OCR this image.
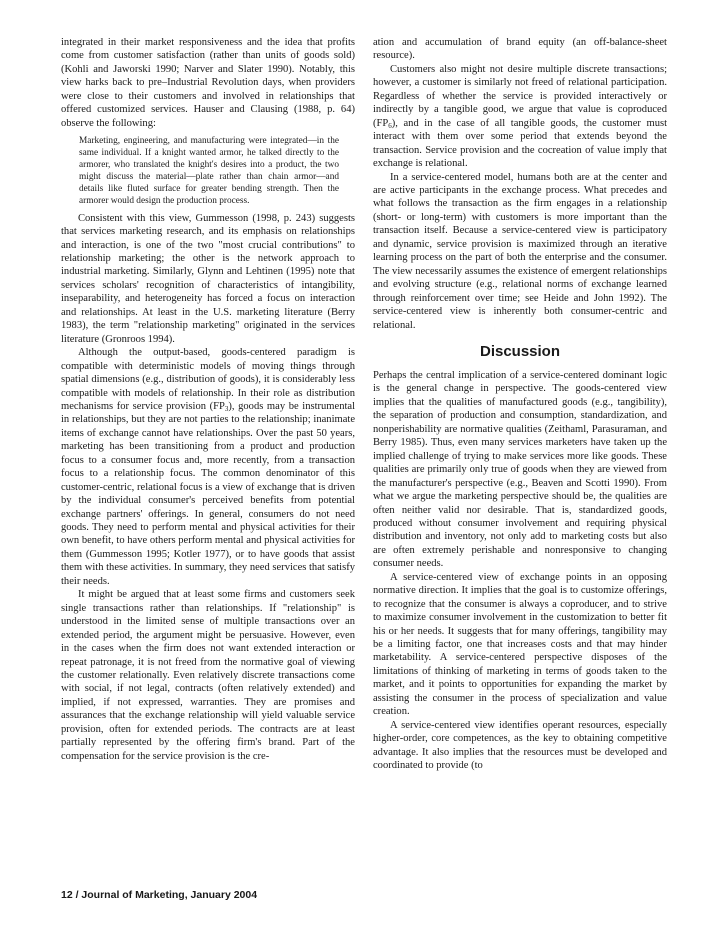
integrated in their market responsiveness and the idea that profits come from customer satisfaction (rather than units of goods sold) (Kohli and Jaworski 1990; Narver and Slater 1990). Notably, this view harks back to pre–Industrial Revolution days, when providers were close to their customers and involved in relationships that offered customized services. Hauser and Clausing (1988, p. 64) observe the following:

Marketing, engineering, and manufacturing were integrated—in the same individual. If a knight wanted armor, he talked directly to the armorer, who translated the knight's desires into a product, the two might discuss the material—plate rather than chain armor—and details like fluted surface for greater bending strength. Then the armorer would design the production process.

Consistent with this view, Gummesson (1998, p. 243) suggests that services marketing research, and its emphasis on relationships and interaction, is one of the two "most crucial contributions" to relationship marketing; the other is the network approach to industrial marketing. Similarly, Glynn and Lehtinen (1995) note that services scholars' recognition of characteristics of intangibility, inseparability, and heterogeneity has forced a focus on interaction and relationships. At least in the U.S. marketing literature (Berry 1983), the term "relationship marketing" originated in the services literature (Gronroos 1994).

Although the output-based, goods-centered paradigm is compatible with deterministic models of moving things through spatial dimensions (e.g., distribution of goods), it is considerably less compatible with models of relationship. In their role as distribution mechanisms for service provision $(FP_3)$, goods may be instrumental in relationships, but they are not parties to the relationship; inanimate items of exchange cannot have relationships. Over the past 50 years, marketing has been transitioning from a product and production focus to a consumer focus and, more recently, from a transaction focus to a relationship focus. The common denominator of this customer-centric, relational focus is a view of exchange that is driven by the individual consumer's perceived benefits from potential exchange partners' offerings. In general, consumers do not need goods. They need to perform mental and physical activities for their own benefit, to have others perform mental and physical activities for them (Gummesson 1995; Kotler 1977), or to have goods that assist them with these activities. In summary, they need services that satisfy their needs.

It might be argued that at least some firms and customers seek single transactions rather than relationships. If "relationship" is understood in the limited sense of multiple transactions over an extended period, the argument might be persuasive. However, even in the cases when the firm does not want extended interaction or repeat patronage, it is not freed from the normative goal of viewing the customer relationally. Even relatively discrete transactions come with social, if not legal, contracts (often relatively extended) and implied, if not expressed, warranties. They are promises and assurances that the exchange relationship will yield valuable service provision, often for extended periods. The contracts are at least partially represented by the offering firm's brand. Part of the compensation for the service provision is the cre-

ation and accumulation of brand equity (an off-balance-sheet resource).

Customers also might not desire multiple discrete transactions; however, a customer is similarly not freed of relational participation. Regardless of whether the service is provided interactively or indirectly by a tangible good, we argue that value is coproduced $(FP_6)$, and in the case of all tangible goods, the customer must interact with them over some period that extends beyond the transaction. Service provision and the cocreation of value imply that exchange is relational.

In a service-centered model, humans both are at the center and are active participants in the exchange process. What precedes and what follows the transaction as the firm engages in a relationship (short- or long-term) with customers is more important than the transaction itself. Because a service-centered view is participatory and dynamic, service provision is maximized through an iterative learning process on the part of both the enterprise and the consumer. The view necessarily assumes the existence of emergent relationships and evolving structure (e.g., relational norms of exchange learned through reinforcement over time; see Heide and John 1992). The service-centered view is inherently both consumer-centric and relational.

Discussion

Perhaps the central implication of a service-centered dominant logic is the general change in perspective. The goods-centered view implies that the qualities of manufactured goods (e.g., tangibility), the separation of production and consumption, standardization, and nonperishability are normative qualities (Zeithaml, Parasuraman, and Berry 1985). Thus, even many services marketers have taken up the implied challenge of trying to make services more like goods. These qualities are primarily only true of goods when they are viewed from the manufacturer's perspective (e.g., Beaven and Scotti 1990). From what we argue the marketing perspective should be, the qualities are often neither valid nor desirable. That is, standardized goods, produced without consumer involvement and requiring physical distribution and inventory, not only add to marketing costs but also are often extremely perishable and nonresponsive to changing consumer needs.

A service-centered view of exchange points in an opposing normative direction. It implies that the goal is to customize offerings, to recognize that the consumer is always a coproducer, and to strive to maximize consumer involvement in the customization to better fit his or her needs. It suggests that for many offerings, tangibility may be a limiting factor, one that increases costs and that may hinder marketability. A service-centered perspective disposes of the limitations of thinking of marketing in terms of goods taken to the market, and it points to opportunities for expanding the market by assisting the consumer in the process of specialization and value creation.

A service-centered view identifies operant resources, especially higher-order, core competences, as the key to obtaining competitive advantage. It also implies that the resources must be developed and coordinated to provide (to

12 / Journal of Marketing, January 2004
